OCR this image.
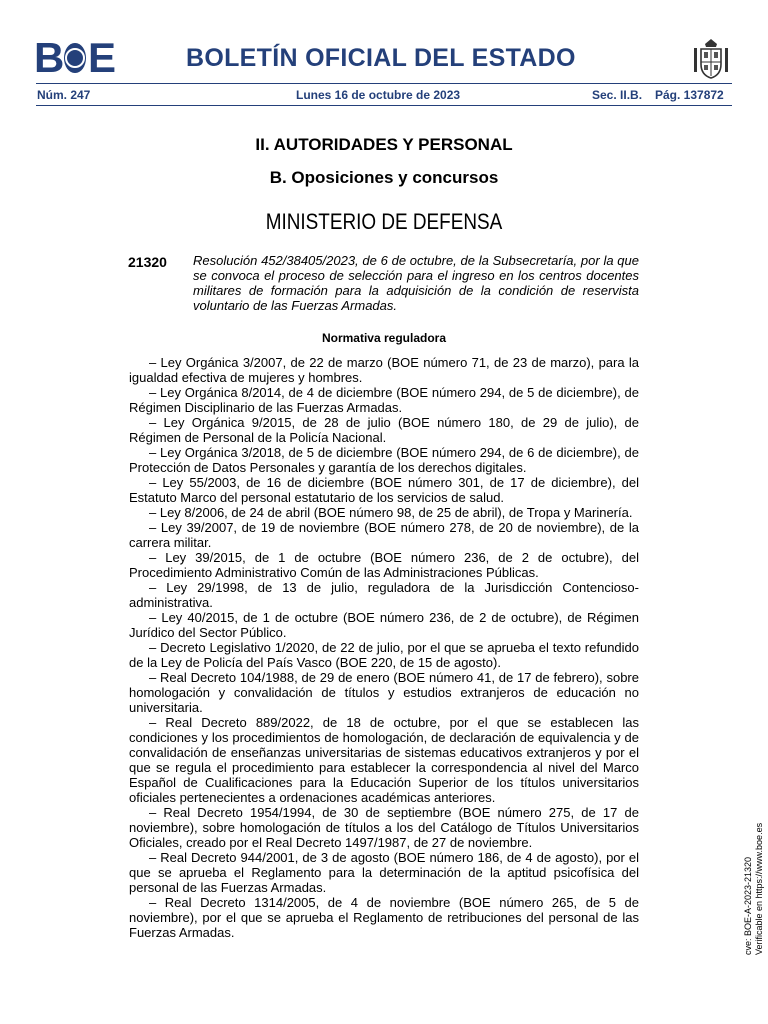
B E	BOLETÍN OFICIAL DEL ESTADO
Núm. 247	Lunes 16 de octubre de 2023	Sec. II.B. Pág. 137872
II. AUTORIDADES Y PERSONAL
B. Oposiciones y concursos
MINISTERIO DE DEFENSA
21320 Resolución 452/38405/2023, de 6 de octubre, de la Subsecretaría, por la que se convoca el proceso de selección para el ingreso en los centros docentes militares de formación para la adquisición de la condición de reservista voluntario de las Fuerzas Armadas.
Normativa reguladora

– Ley Orgánica 3/2007, de 22 de marzo (BOE número 71, de 23 de marzo), para la igualdad efectiva de mujeres y hombres.

– Ley Orgánica 8/2014, de 4 de diciembre (BOE número 294, de 5 de diciembre), de Régimen Disciplinario de las Fuerzas Armadas.

– Ley Orgánica 9/2015, de 28 de julio (BOE número 180, de 29 de julio), de Régimen de Personal de la Policía Nacional.

– Ley Orgánica 3/2018, de 5 de diciembre (BOE número 294, de 6 de diciembre), de Protección de Datos Personales y garantía de los derechos digitales.

– Ley 55/2003, de 16 de diciembre (BOE número 301, de 17 de diciembre), del Estatuto Marco del personal estatutario de los servicios de salud.

– Ley 8/2006, de 24 de abril (BOE número 98, de 25 de abril), de Tropa y Marinería.

– Ley 39/2007, de 19 de noviembre (BOE número 278, de 20 de noviembre), de la carrera militar.

– Ley 39/2015, de 1 de octubre (BOE número 236, de 2 de octubre), del Procedimiento Administrativo Común de las Administraciones Públicas.

– Ley 29/1998, de 13 de julio, reguladora de la Jurisdicción Contencioso-administrativa.

– Ley 40/2015, de 1 de octubre (BOE número 236, de 2 de octubre), de Régimen Jurídico del Sector Público.

– Decreto Legislativo 1/2020, de 22 de julio, por el que se aprueba el texto refundido de la Ley de Policía del País Vasco (BOE 220, de 15 de agosto).

– Real Decreto 104/1988, de 29 de enero (BOE número 41, de 17 de febrero), sobre homologación y convalidación de títulos y estudios extranjeros de educación no universitaria.

– Real Decreto 889/2022, de 18 de octubre, por el que se establecen las condiciones y los procedimientos de homologación, de declaración de equivalencia y de convalidación de enseñanzas universitarias de sistemas educativos extranjeros y por el que se regula el procedimiento para establecer la correspondencia al nivel del Marco Español de Cualificaciones para la Educación Superior de los títulos universitarios oficiales pertenecientes a ordenaciones académicas anteriores.

– Real Decreto 1954/1994, de 30 de septiembre (BOE número 275, de 17 de noviembre), sobre homologación de títulos a los del Catálogo de Títulos Universitarios Oficiales, creado por el Real Decreto 1497/1987, de 27 de noviembre.

– Real Decreto 944/2001, de 3 de agosto (BOE número 186, de 4 de agosto), por el que se aprueba el Reglamento para la determinación de la aptitud psicofísica del personal de las Fuerzas Armadas.

– Real Decreto 1314/2005, de 4 de noviembre (BOE número 265, de 5 de noviembre), por el que se aprueba el Reglamento de retribuciones del personal de las Fuerzas Armadas.	cve: BOE-A-2023-21320 Verificable en https://www.boe.es
